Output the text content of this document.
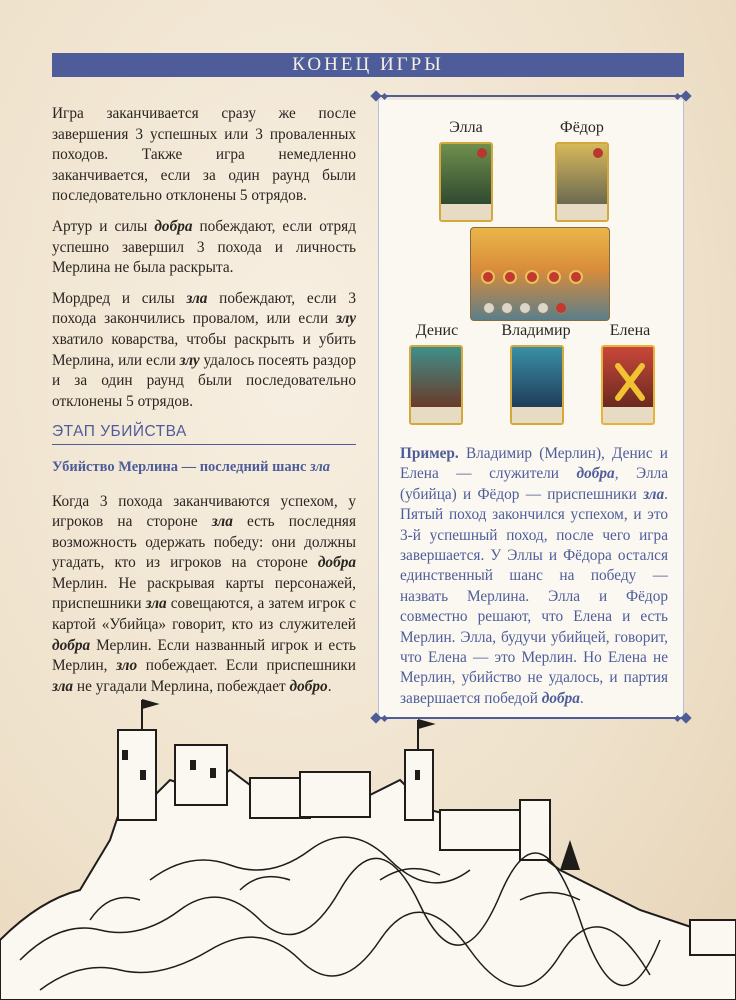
КОНЕЦ ИГРЫ

Игра заканчивается сразу же после завершения 3 успешных или 3 проваленных походов. Также игра немедленно заканчивается, если за один раунд были последовательно отклонены 5 отрядов.

Артур и силы добра побеждают, если отряд успешно завершил 3 похода и личность Мерлина не была раскрыта.

Мордред и силы зла побеждают, если 3 похода закончились провалом, или если злу хватило коварства, чтобы раскрыть и убить Мерлина, или если злу удалось посеять раздор и за один раунд были последовательно отклонены 5 отрядов.

ЭТАП УБИЙСТВА
Убийство Мерлина — последний шанс зла

Когда 3 похода заканчиваются успехом, у игроков на стороне зла есть последняя возможность одержать победу: они должны угадать, кто из игроков на стороне добра Мерлин. Не раскрывая карты персонажей, приспешники зла совещаются, а затем игрок с картой «Убийца» говорит, кто из служителей добра Мерлин. Если названный игрок и есть Мерлин, зло побеждает. Если приспешники зла не угадали Мерлина, побеждает добро.

Элла	Фёдор
Денис	Владимир	Елена
Пример. Владимир (Мерлин), Денис и Елена — служители добра, Элла (убийца) и Фёдор — приспешники зла. Пятый поход закончился успехом, и это 3-й успешный поход, после чего игра завершается. У Эллы и Фёдора остался единственный шанс на победу — назвать Мерлина. Элла и Фёдор совместно решают, что Елена и есть Мерлин. Элла, будучи убийцей, говорит, что Елена — это Мерлин. Но Елена не Мерлин, убийство не удалось, и партия завершается победой добра.
